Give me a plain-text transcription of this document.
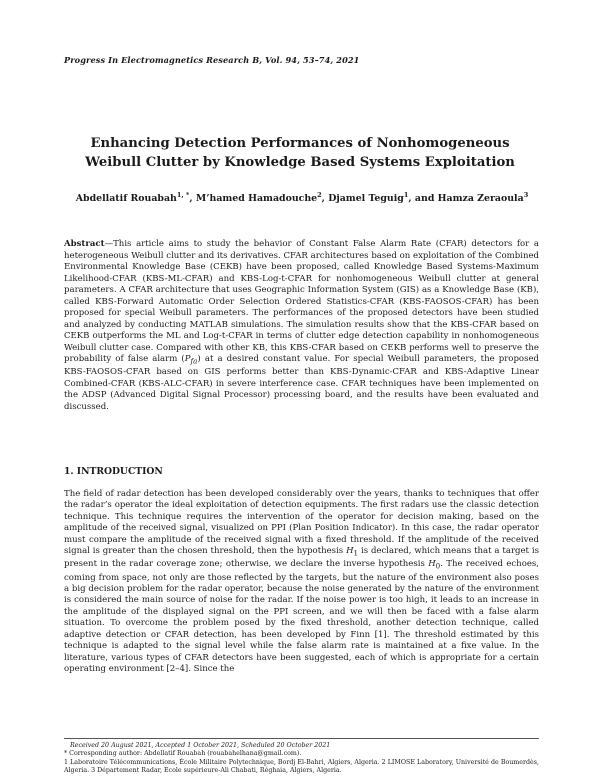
Progress In Electromagnetics Research B, Vol. 94, 53–74, 2021
Enhancing Detection Performances of Nonhomogeneous Weibull Clutter by Knowledge Based Systems Exploitation
Abdellatif Rouabah$^{1, *}$, M’hamed Hamadouche$^2$, Djamel Teguig$^1$, and Hamza Zeraoula$^3$
Abstract—This article aims to study the behavior of Constant False Alarm Rate (CFAR) detectors for a heterogeneous Weibull clutter and its derivatives. CFAR architectures based on exploitation of the Combined Environmental Knowledge Base (CEKB) have been proposed, called Knowledge Based Systems-Maximum Likelihood-CFAR (KBS-ML-CFAR) and KBS-Log-t-CFAR for nonhomogeneous Weibull clutter at general parameters. A CFAR architecture that uses Geographic Information System (GIS) as a Knowledge Base (KB), called KBS-Forward Automatic Order Selection Ordered Statistics-CFAR (KBS-FAOSOS-CFAR) has been proposed for special Weibull parameters. The performances of the proposed detectors have been studied and analyzed by conducting MATLAB simulations. The simulation results show that the KBS-CFAR based on CEKB outperforms the ML and Log-t-CFAR in terms of clutter edge detection capability in nonhomogeneous Weibull clutter case. Compared with other KB, this KBS-CFAR based on CEKB performs well to preserve the probability of false alarm $(P_{fa})$ at a desired constant value. For special Weibull parameters, the proposed KBS-FAOSOS-CFAR based on GIS performs better than KBS-Dynamic-CFAR and KBS-Adaptive Linear Combined-CFAR (KBS-ALC-CFAR) in severe interference case. CFAR techniques have been implemented on the ADSP (Advanced Digital Signal Processor) processing board, and the results have been evaluated and discussed.
1. INTRODUCTION
The field of radar detection has been developed considerably over the years, thanks to techniques that offer the radar’s operator the ideal exploitation of detection equipments. The first radars use the classic detection technique. This technique requires the intervention of the operator for decision making, based on the amplitude of the received signal, visualized on PPI (Plan Position Indicator). In this case, the radar operator must compare the amplitude of the received signal with a fixed threshold. If the amplitude of the received signal is greater than the chosen threshold, then the hypothesis $H_1$ is declared, which means that a target is present in the radar coverage zone; otherwise, we declare the inverse hypothesis $H_0$. The received echoes, coming from space, not only are those reflected by the targets, but the nature of the environment also poses a big decision problem for the radar operator, because the noise generated by the nature of the environment is considered the main source of noise for the radar. If the noise power is too high, it leads to an increase in the amplitude of the displayed signal on the PPI screen, and we will then be faced with a false alarm situation. To overcome the problem posed by the fixed threshold, another detection technique, called adaptive detection or CFAR detection, has been developed by Finn [1]. The threshold estimated by this technique is adapted to the signal level while the false alarm rate is maintained at a fixe value. In the literature, various types of CFAR detectors have been suggested, each of which is appropriate for a certain operating environment [2–4]. Since the
Received 20 August 2021, Accepted 1 October 2021, Scheduled 20 October 2021
* Corresponding author: Abdellatif Rouabah (rouabahelhana@gmail.com).
1 Laboratoire Télécommunications, École Militaire Polytechnique, Bordj El-Bahri, Algiers, Algeria. 2 LIMOSE Laboratory, Université de Boumerdès, Algeria. 3 Département Radar, Ecole supérieure-Ali Chabati, Réghaia, Algiers, Algeria.
